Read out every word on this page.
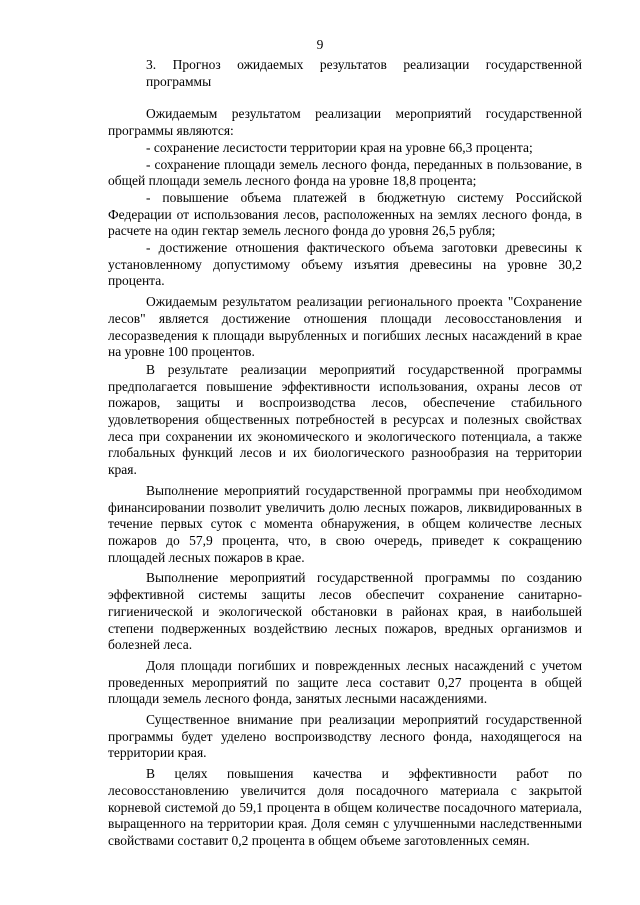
9

3. Прогноз ожидаемых результатов реализации государственной программы

Ожидаемым результатом реализации мероприятий государственной программы являются:

- сохранение лесистости территории края на уровне 66,3 процента;

- сохранение площади земель лесного фонда, переданных в пользование, в общей площади земель лесного фонда на уровне 18,8 процента;

- повышение объема платежей в бюджетную систему Российской Федерации от использования лесов, расположенных на землях лесного фонда, в расчете на один гектар земель лесного фонда до уровня 26,5 рубля;

- достижение отношения фактического объема заготовки древесины к установленному допустимому объему изъятия древесины на уровне 30,2 процента.

Ожидаемым результатом реализации регионального проекта "Сохранение лесов" является достижение отношения площади лесовосстановления и лесоразведения к площади вырубленных и погибших лесных насаждений в крае на уровне 100 процентов.

В результате реализации мероприятий государственной программы предполагается повышение эффективности использования, охраны лесов от пожаров, защиты и воспроизводства лесов, обеспечение стабильного удовлетворения общественных потребностей в ресурсах и полезных свойствах леса при сохранении их экономического и экологического потенциала, а также глобальных функций лесов и их биологического разнообразия на территории края.

Выполнение мероприятий государственной программы при необходимом финансировании позволит увеличить долю лесных пожаров, ликвидированных в течение первых суток с момента обнаружения, в общем количестве лесных пожаров до 57,9 процента, что, в свою очередь, приведет к сокращению площадей лесных пожаров в крае.

Выполнение мероприятий государственной программы по созданию эффективной системы защиты лесов обеспечит сохранение санитарно-гигиенической и экологической обстановки в районах края, в наибольшей степени подверженных воздействию лесных пожаров, вредных организмов и болезней леса.

Доля площади погибших и поврежденных лесных насаждений с учетом проведенных мероприятий по защите леса составит 0,27 процента в общей площади земель лесного фонда, занятых лесными насаждениями.

Существенное внимание при реализации мероприятий государственной программы будет уделено воспроизводству лесного фонда, находящегося на территории края.

В целях повышения качества и эффективности работ по лесовосстановлению увеличится доля посадочного материала с закрытой корневой системой до 59,1 процента в общем количестве посадочного материала, выращенного на территории края. Доля семян с улучшенными наследственными свойствами составит 0,2 процента в общем объеме заготовленных семян.
